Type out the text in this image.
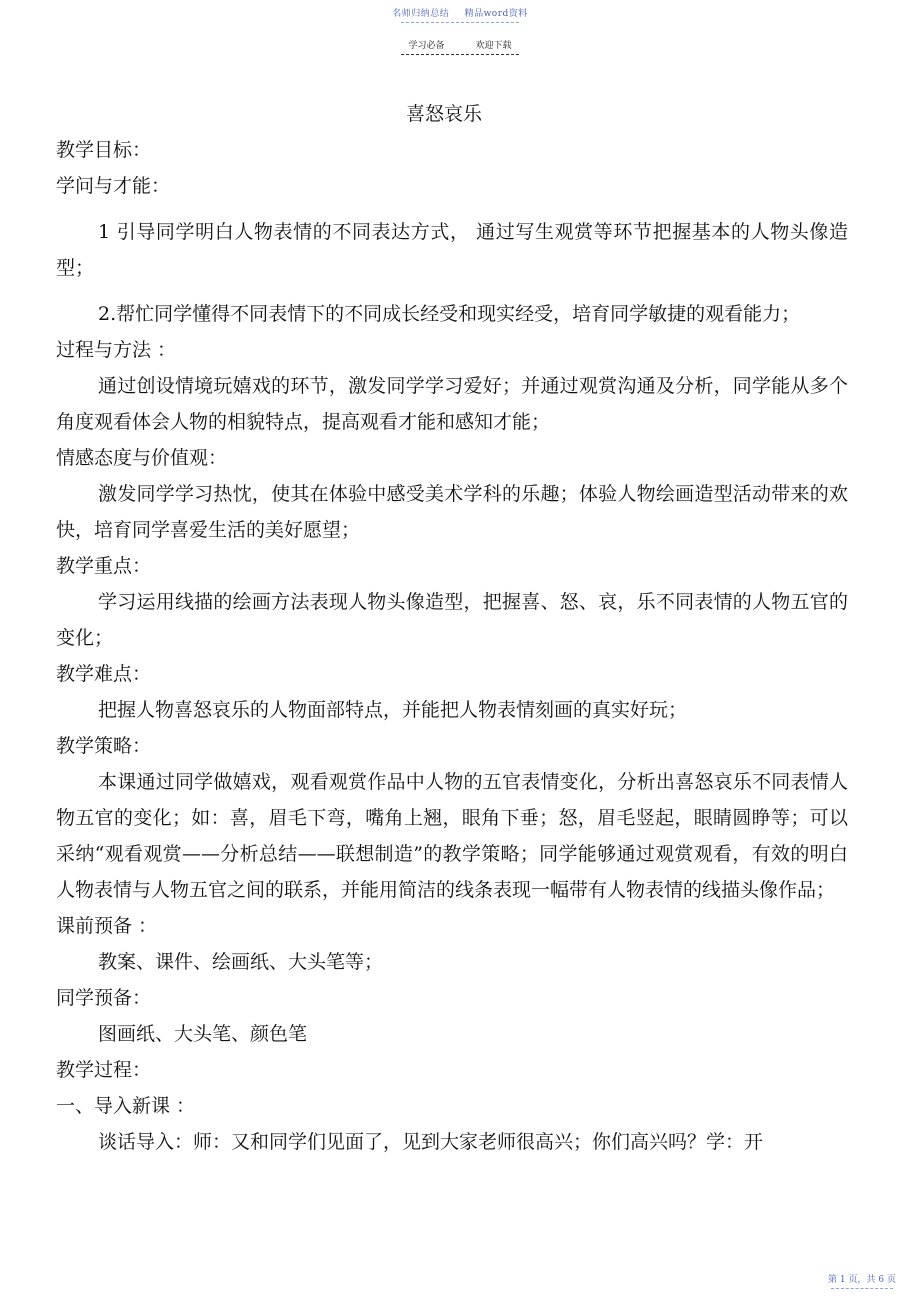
名师归纳总结 精品word资料
学习必备	欢迎下载
喜怒哀乐
教学目标：
学问与才能：

1 引导同学明白人物表情的不同表达方式， 通过写生观赏等环节把握基本的人物头像造型；

2.帮忙同学懂得不同表情下的不同成长经受和现实经受，培育同学敏捷的观看能力；

过程与方法 ：

通过创设情境玩嬉戏的环节，激发同学学习爱好；并通过观赏沟通及分析，同学能从多个角度观看体会人物的相貌特点，提高观看才能和感知才能；

情感态度与价值观：

激发同学学习热忱，使其在体验中感受美术学科的乐趣；体验人物绘画造型活动带来的欢快，培育同学喜爱生活的美好愿望；

教学重点：

学习运用线描的绘画方法表现人物头像造型，把握喜、怒、哀，乐不同表情的人物五官的变化；

教学难点：

把握人物喜怒哀乐的人物面部特点，并能把人物表情刻画的真实好玩；

教学策略：

本课通过同学做嬉戏，观看观赏作品中人物的五官表情变化，分析出喜怒哀乐不同表情人物五官的变化；如：喜，眉毛下弯，嘴角上翘，眼角下垂；怒，眉毛竖起，眼睛圆睁等；可以采纳“观看观赏——分析总结——联想制造”的教学策略；同学能够通过观赏观看，有效的明白人物表情与人物五官之间的联系，并能用简洁的线条表现一幅带有人物表情的线描头像作品；

课前预备 ：

教案、课件、绘画纸、大头笔等；

同学预备：

图画纸、大头笔、颜色笔

教学过程：
一、导入新课 ：

谈话导入：师：又和同学们见面了，见到大家老师很高兴；你们高兴吗？学：开

第 1 页，共 6 页
